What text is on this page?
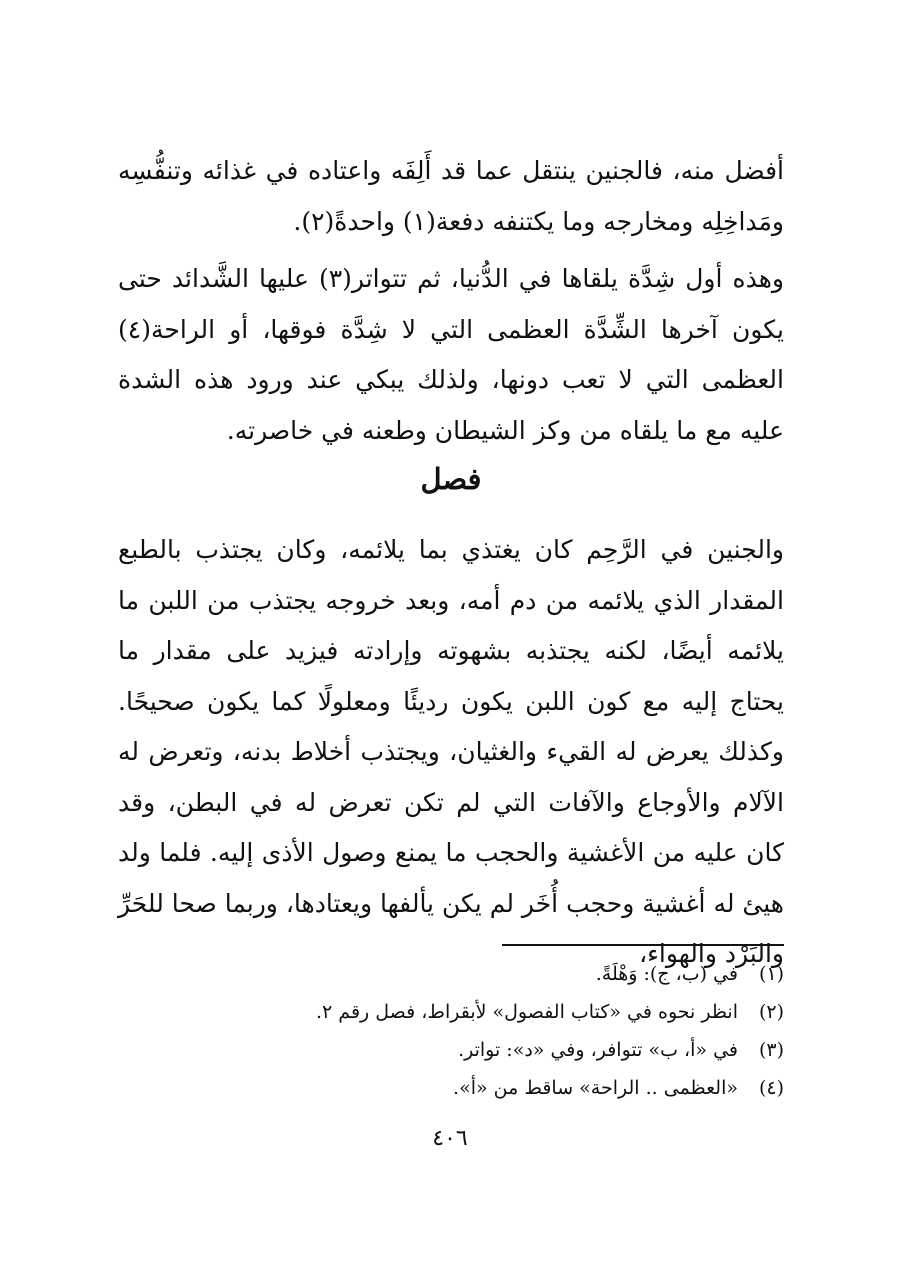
أفضل منه، فالجنين ينتقل عما قد أَلِفَه واعتاده في غذائه وتنفُّسِه ومَداخِلِه ومخارجه وما يكتنفه دفعة(١) واحدةً(٢).

وهذه أول شِدَّة يلقاها في الدُّنيا، ثم تتواتر(٣) عليها الشَّدائد حتى يكون آخرها الشِّدَّة العظمى التي لا شِدَّة فوقها، أو الراحة(٤) العظمى التي لا تعب دونها، ولذلك يبكي عند ورود هذه الشدة عليه مع ما يلقاه من وكز الشيطان وطعنه في خاصرته.

فصل

والجنين في الرَّحِم كان يغتذي بما يلائمه، وكان يجتذب بالطبع المقدار الذي يلائمه من دم أمه، وبعد خروجه يجتذب من اللبن ما يلائمه أيضًا، لكنه يجتذبه بشهوته وإرادته فيزيد على مقدار ما يحتاج إليه مع كون اللبن يكون رديئًا ومعلولًا كما يكون صحيحًا. وكذلك يعرض له القيء والغثيان، ويجتذب أخلاط بدنه، وتعرض له الآلام والأوجاع والآفات التي لم تكن تعرض له في البطن، وقد كان عليه من الأغشية والحجب ما يمنع وصول الأذى إليه. فلما ولد هيئ له أغشية وحجب أُخَر لم يكن يألفها ويعتادها، وربما صحا للحَرِّ والبَرْد والهواء،

(١)في (ب، ج): وَهْلَةً.
(٢)انظر نحوه في «كتاب الفصول» لأبقراط، فصل رقم ٢.
(٣)في «أ، ب» تتوافر، وفي «د»: تواتر.
(٤)«العظمى .. الراحة» ساقط من «أ».
٤٠٦
